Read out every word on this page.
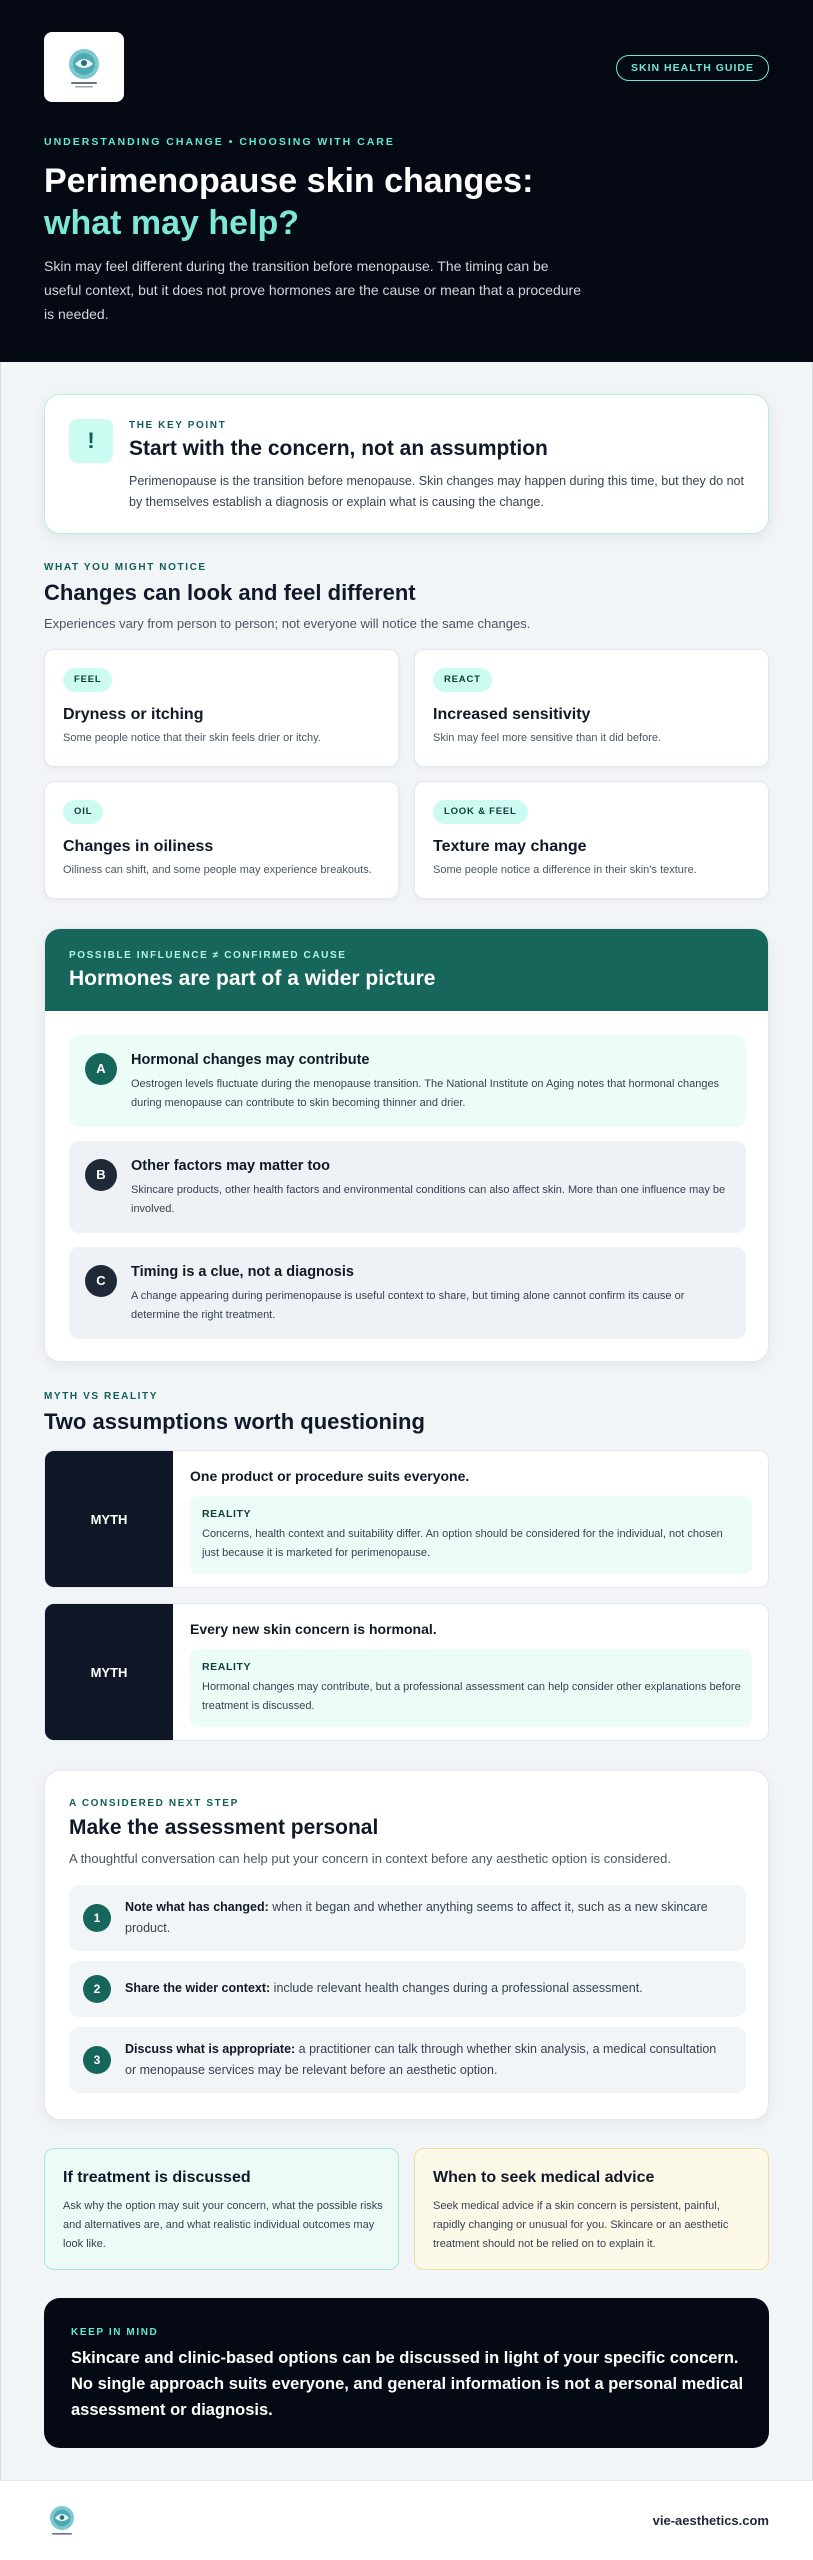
SKIN HEALTH GUIDE
UNDERSTANDING CHANGE • CHOOSING WITH CARE
Perimenopause skin changes:
what may help?

Skin may feel different during the transition before menopause. The timing can be useful context, but it does not prove hormones are the cause or mean that a procedure is needed.

!
THE KEY POINT
Start with the concern, not an assumption

Perimenopause is the transition before menopause. Skin changes may happen during this time, but they do not by themselves establish a diagnosis or explain what is causing the change.

WHAT YOU MIGHT NOTICE
Changes can look and feel different

Experiences vary from person to person; not everyone will notice the same changes.

FEEL
Dryness or itching

Some people notice that their skin feels drier or itchy.

REACT
Increased sensitivity

Skin may feel more sensitive than it did before.

OIL
Changes in oiliness

Oiliness can shift, and some people may experience breakouts.

LOOK & FEEL
Texture may change

Some people notice a difference in their skin’s texture.

POSSIBLE INFLUENCE ≠ CONFIRMED CAUSE
Hormones are part of a wider picture
A
Hormonal changes may contribute

Oestrogen levels fluctuate during the menopause transition. The National Institute on Aging notes that hormonal changes during menopause can contribute to skin becoming thinner and drier.

B
Other factors may matter too

Skincare products, other health factors and environmental conditions can also affect skin. More than one influence may be involved.

C
Timing is a clue, not a diagnosis

A change appearing during perimenopause is useful context to share, but timing alone cannot confirm its cause or determine the right treatment.

MYTH VS REALITY
Two assumptions worth questioning
MYTH
One product or procedure suits everyone.
REALITY

Concerns, health context and suitability differ. An option should be considered for the individual, not chosen just because it is marketed for perimenopause.

MYTH
Every new skin concern is hormonal.
REALITY

Hormonal changes may contribute, but a professional assessment can help consider other explanations before treatment is discussed.

A CONSIDERED NEXT STEP
Make the assessment personal

A thoughtful conversation can help put your concern in context before any aesthetic option is considered.

1

Note what has changed: when it began and whether anything seems to affect it, such as a new skincare product.

2	Share the wider context: include relevant health changes during a professional assessment.

3

Discuss what is appropriate: a practitioner can talk through whether skin analysis, a medical consultation or menopause services may be relevant before an aesthetic option.

If treatment is discussed

Ask why the option may suit your concern, what the possible risks and alternatives are, and what realistic individual outcomes may look like.

When to seek medical advice

Seek medical advice if a skin concern is persistent, painful, rapidly changing or unusual for you. Skincare or an aesthetic treatment should not be relied on to explain it.

KEEP IN MIND

Skincare and clinic-based options can be discussed in light of your specific concern. No single approach suits everyone, and general information is not a personal medical assessment or diagnosis.

vie-aesthetics.com
